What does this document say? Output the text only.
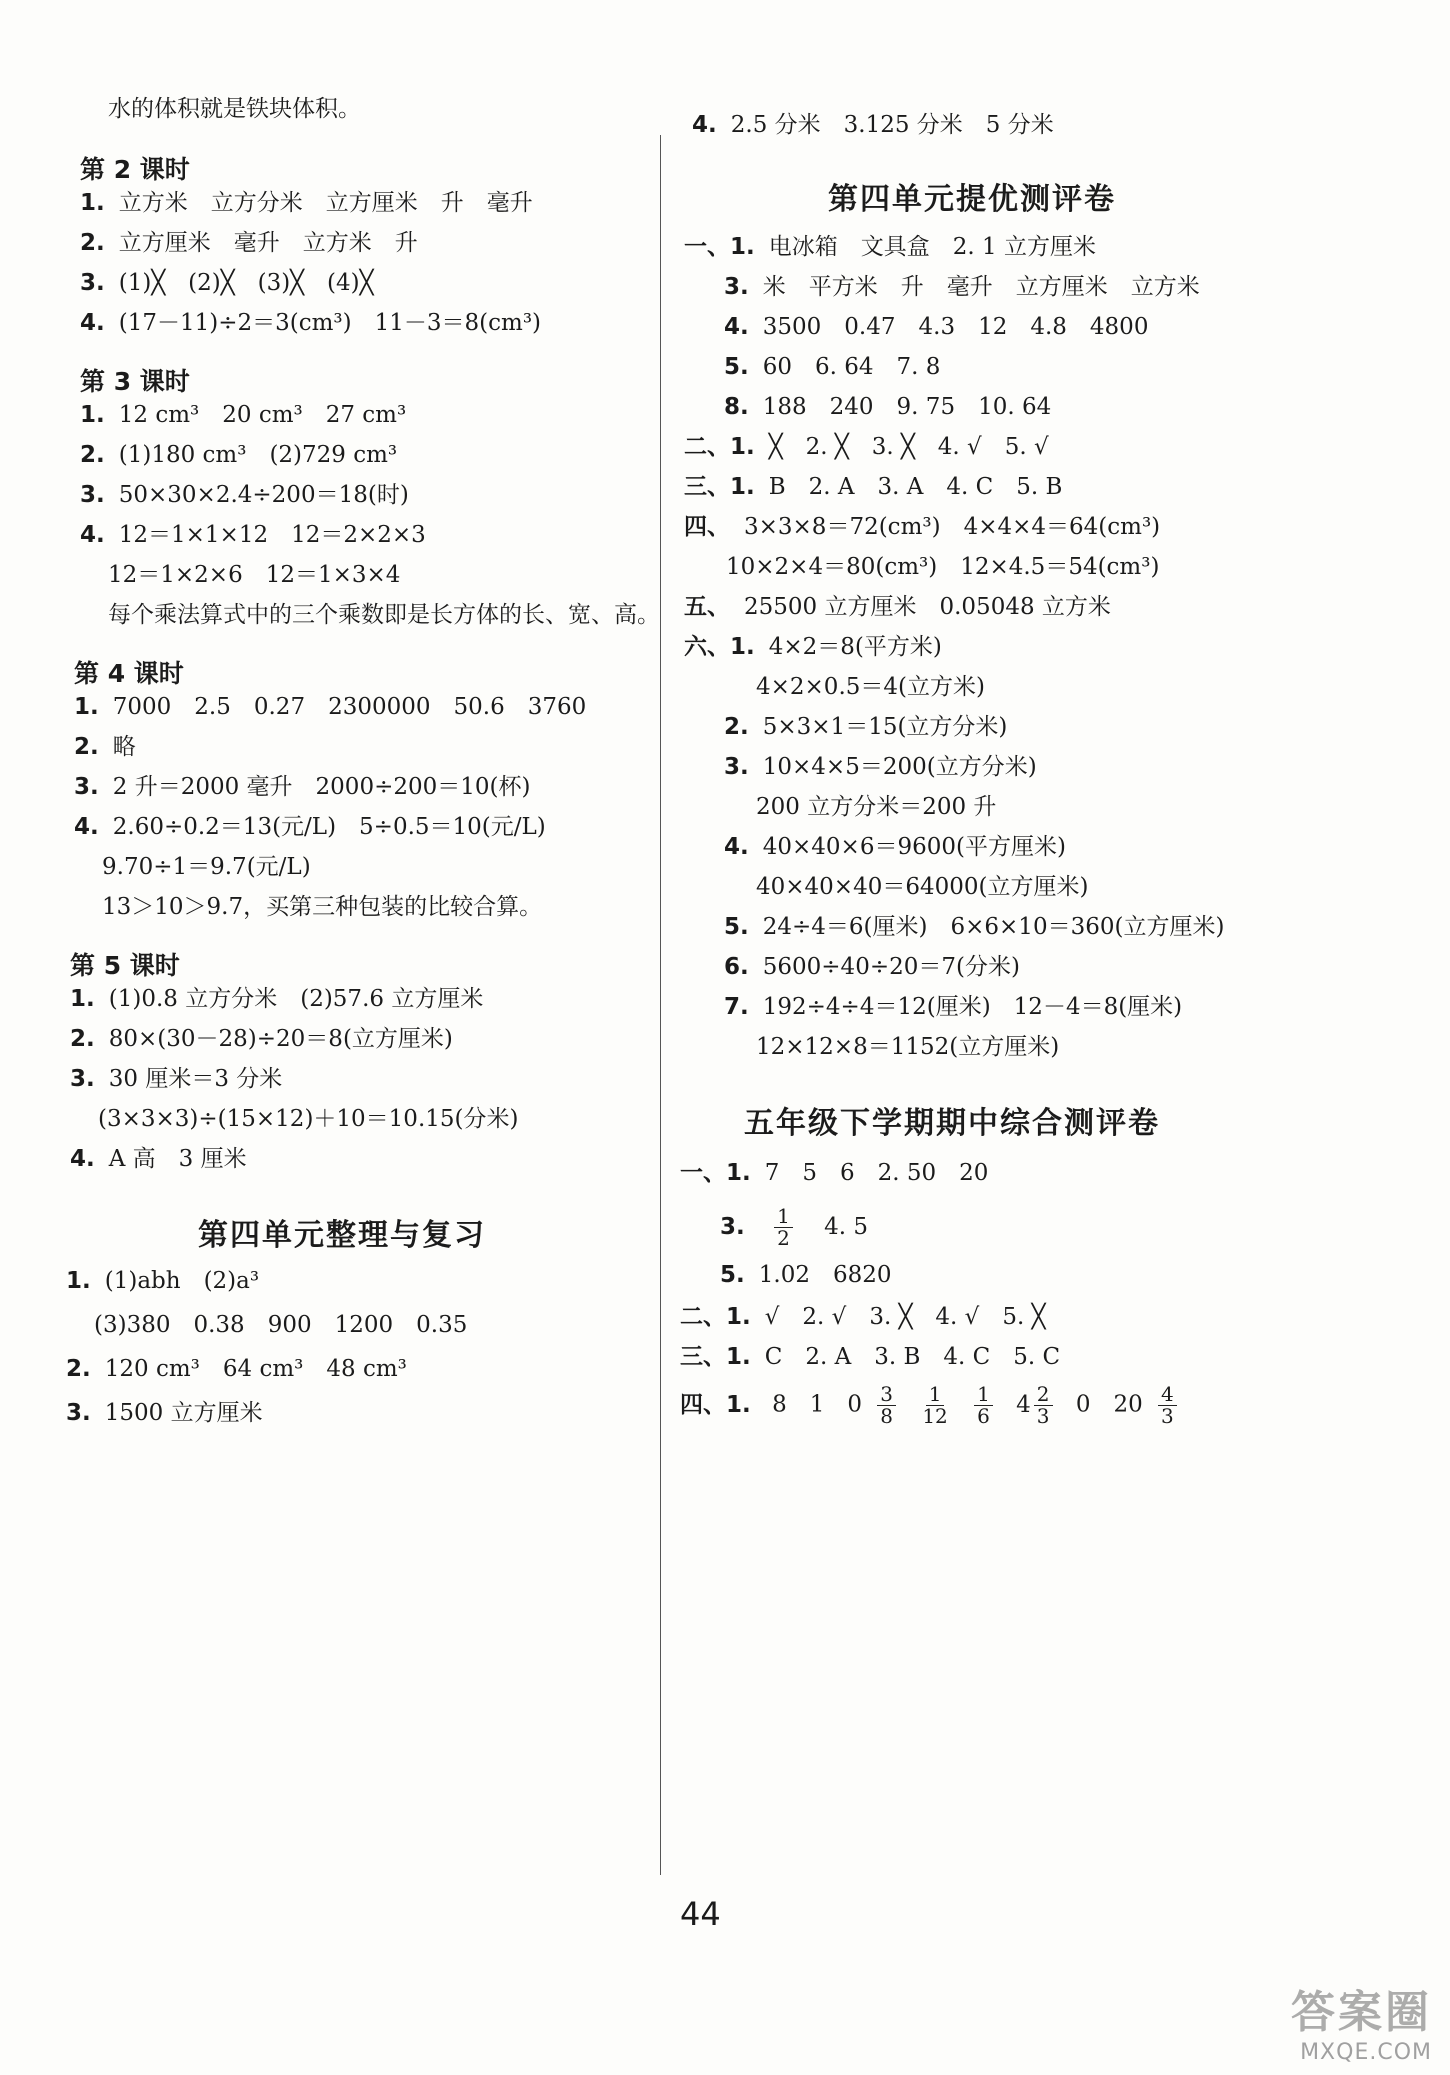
水的体积就是铁块体积。
第 2 课时
1. 立方米　立方分米　立方厘米　升　毫升
2. 立方厘米　毫升　立方米　升
3. (1)╳　(2)╳　(3)╳　(4)╳
4. (17－11)÷2＝3(cm³)　11－3＝8(cm³)
第 3 课时
1. 12 cm³　20 cm³　27 cm³
2. (1)180 cm³　(2)729 cm³
3. 50×30×2.4÷200＝18(时)
4. 12＝1×1×12　12＝2×2×3
12＝1×2×6　12＝1×3×4
每个乘法算式中的三个乘数即是长方体的长、宽、高。
第 4 课时
1. 7000　2.5　0.27　2300000　50.6　3760
2. 略
3. 2 升＝2000 毫升　2000÷200＝10(杯)
4. 2.60÷0.2＝13(元/L)　5÷0.5＝10(元/L)
9.70÷1＝9.7(元/L)
13＞10＞9.7，买第三种包装的比较合算。
第 5 课时
1. (1)0.8 立方分米　(2)57.6 立方厘米
2. 80×(30－28)÷20＝8(立方厘米)
3. 30 厘米＝3 分米
(3×3×3)÷(15×12)＋10＝10.15(分米)
4. A 高　3 厘米
第四单元整理与复习
1. (1)abh　(2)a³
(3)380　0.38　900　1200　0.35
2. 120 cm³　64 cm³　48 cm³
3. 1500 立方厘米
4. 2.5 分米　3.125 分米　5 分米
第四单元提优测评卷
一、1. 电冰箱　文具盒　2. 1 立方厘米
3. 米　平方米　升　毫升　立方厘米　立方米
4. 3500　0.47　4.3　12　4.8　4800
5. 60　6. 64　7. 8
8. 188　240　9. 75　10. 64
二、1. ╳　2. ╳　3. ╳　4. √　5. √
三、1. B　2. A　3. A　4. C　5. B
四、 3×3×8＝72(cm³)　4×4×4＝64(cm³)
10×2×4＝80(cm³)　12×4.5＝54(cm³)
五、 25500 立方厘米　0.05048 立方米
六、1. 4×2＝8(平方米)
4×2×0.5＝4(立方米)
2. 5×3×1＝15(立方分米)
3. 10×4×5＝200(立方分米)
200 立方分米＝200 升
4. 40×40×6＝9600(平方厘米)
40×40×40＝64000(立方厘米)
5. 24÷4＝6(厘米)　6×6×10＝360(立方厘米)
6. 5600÷40÷20＝7(分米)
7. 192÷4÷4＝12(厘米)　12－4＝8(厘米)
12×12×8＝1152(立方厘米)
五年级下学期期中综合测评卷
一、1. 7　5　6　2. 50　20
3. $\frac{1}{2} 4$. 5
5. 1.02　6820
二、1. √　2. √　3. ╳　4. √　5. ╳
三、1. C　2. A　3. B　4. C　5. C
四、1. 8　1　$0 \frac{3}{8}$
$\frac{1}{12}$
$\frac{1}{6}$
$4 \frac{2}{3} 0$　$20 \frac{4}{3}$
44
答案圈
MXQE.COM
